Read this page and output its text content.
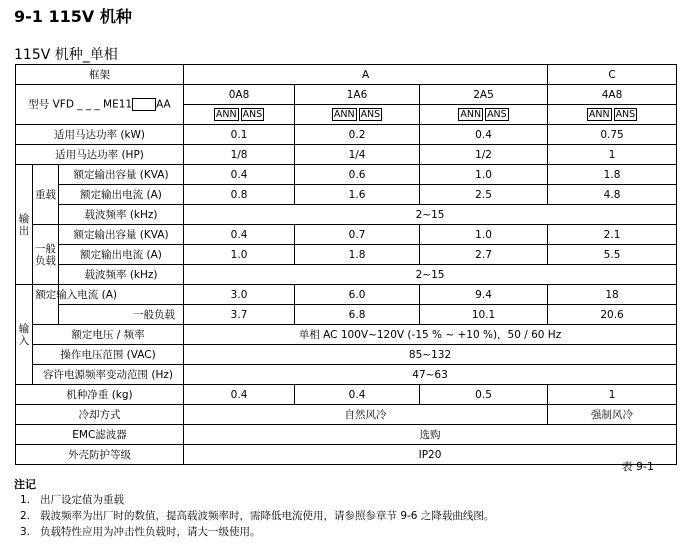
9-1 115V 机种
115V 机种_单相
框架			A			C
型号 VFD _ _ _ ME11 AA			0A8	1A6	2A5	4A8
			ANN ANS	ANN ANS	ANN ANS	ANN ANS
适用马达功率 (kW)			0.1	0.2	0.4	0.75
适用马达功率 (HP)			1/8	1/4	1/2	1
输出	重载	额定输出容量 (KVA)	0.4	0.6	1.0	1.8
		额定输出电流 (A)	0.8	1.6	2.5	4.8
		载波频率 (kHz)	2~15			
	一般负载	额定输出容量 (KVA)	0.4	0.7	1.0	2.1
		额定输出电流 (A)	1.0	1.8	2.7	5.5
		载波频率 (kHz)	2~15			
输入		额定输入电流 (A)	3.0	6.0	9.4	18
		一般负载	3.7	6.8	10.1	20.6
	额定电压 / 频率		单相 AC 100V~120V (-15 % ~ +10 %)，50 / 60 Hz			
	操作电压范围 (VAC)		85~132			
	容许电源频率变动范围 (Hz)		47~63			
机种净重 (kg)			0.4	0.4	0.5	1
冷却方式			自然风冷			强制风冷
EMC滤波器			选购			
外壳防护等级			IP20			
表 9-1
注记
1. 出厂设定值为重载
2. 载波频率为出厂时的数值，提高载波频率时，需降低电流使用，请参照参章节 9-6 之降载曲线图。
3. 负载特性应用为冲击性负载时，请大一级使用。
